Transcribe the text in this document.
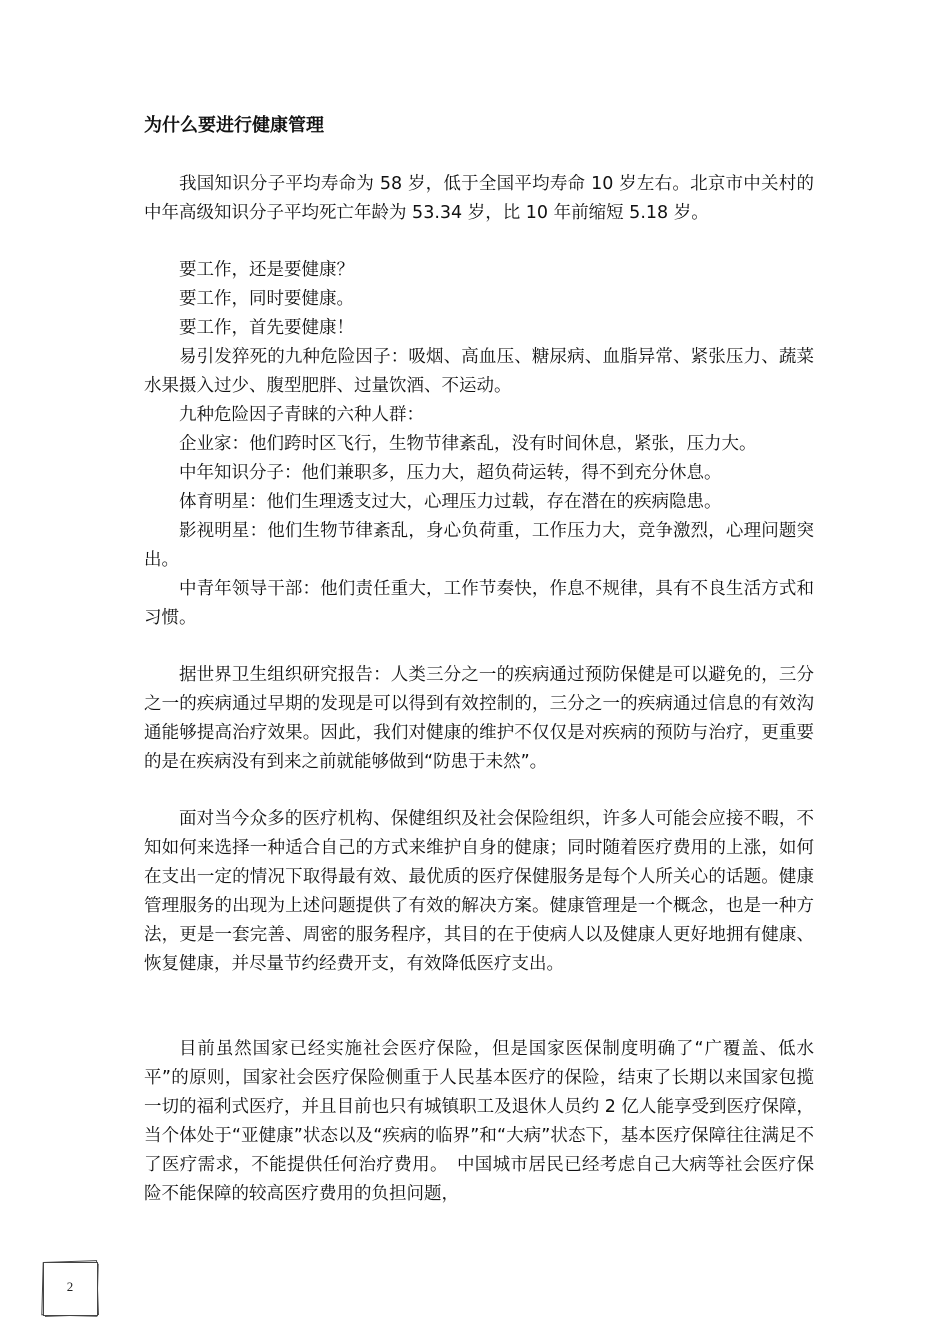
为什么要进行健康管理

我国知识分子平均寿命为 58 岁，低于全国平均寿命 10 岁左右。北京市中关村的中年高级知识分子平均死亡年龄为 53.34 岁，比 10 年前缩短 5.18 岁。

要工作，还是要健康？

要工作，同时要健康。

要工作，首先要健康！

易引发猝死的九种危险因子：吸烟、高血压、糖尿病、血脂异常、紧张压力、蔬菜水果摄入过少、腹型肥胖、过量饮酒、不运动。

九种危险因子青睐的六种人群：

企业家：他们跨时区飞行，生物节律紊乱，没有时间休息，紧张，压力大。

中年知识分子：他们兼职多，压力大，超负荷运转，得不到充分休息。

体育明星：他们生理透支过大，心理压力过载，存在潜在的疾病隐患。

影视明星：他们生物节律紊乱，身心负荷重，工作压力大，竞争激烈，心理问题突出。

中青年领导干部：他们责任重大，工作节奏快，作息不规律，具有不良生活方式和习惯。

据世界卫生组织研究报告：人类三分之一的疾病通过预防保健是可以避免的，三分之一的疾病通过早期的发现是可以得到有效控制的，三分之一的疾病通过信息的有效沟通能够提高治疗效果。因此，我们对健康的维护不仅仅是对疾病的预防与治疗，更重要的是在疾病没有到来之前就能够做到“防患于未然”。

面对当今众多的医疗机构、保健组织及社会保险组织，许多人可能会应接不暇，不知如何来选择一种适合自己的方式来维护自身的健康；同时随着医疗费用的上涨，如何在支出一定的情况下取得最有效、最优质的医疗保健服务是每个人所关心的话题。健康管理服务的出现为上述问题提供了有效的解决方案。健康管理是一个概念，也是一种方法，更是一套完善、周密的服务程序，其目的在于使病人以及健康人更好地拥有健康、恢复健康，并尽量节约经费开支，有效降低医疗支出。

目前虽然国家已经实施社会医疗保险，但是国家医保制度明确了“广覆盖、低水平”的原则，国家社会医疗保险侧重于人民基本医疗的保险，结束了长期以来国家包揽一切的福利式医疗，并且目前也只有城镇职工及退休人员约 2 亿人能享受到医疗保障，当个体处于“亚健康”状态以及“疾病的临界”和“大病”状态下，基本医疗保障往往满足不了医疗需求，不能提供任何治疗费用。　中国城市居民已经考虑自己大病等社会医疗保险不能保障的较高医疗费用的负担问题，

2
